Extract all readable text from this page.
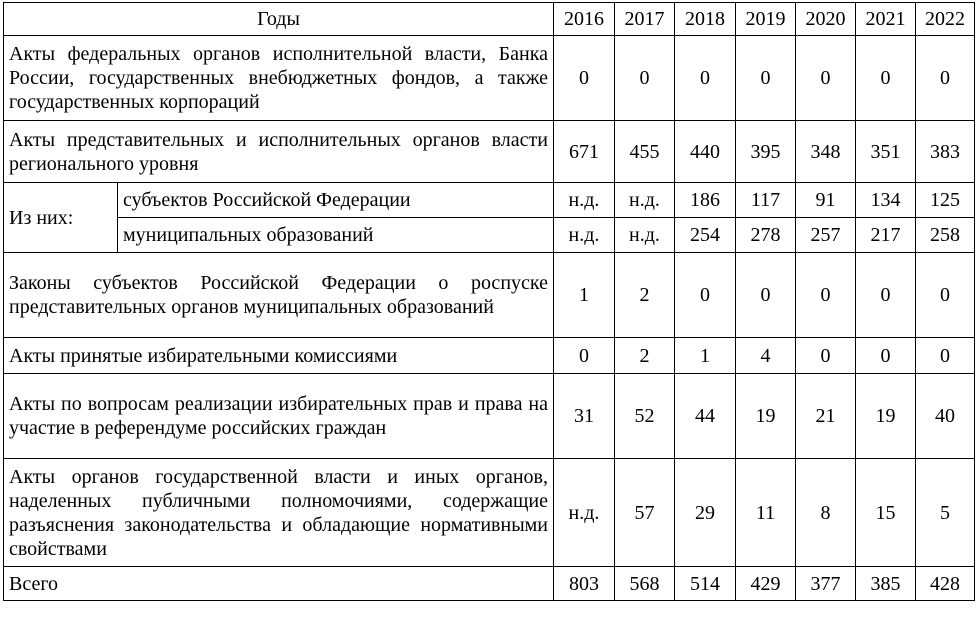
Годы		2016	2017	2018	2019	2020	2021	2022
Акты федеральных органов исполнительной власти, Банка России, государственных внебюджетных фондов, а также государственных корпораций		0	0	0	0	0	0	0
Акты представительных и исполнительных органов власти регионального уровня		671	455	440	395	348	351	383
Из них:	субъектов Российской Федерации	н.д.	н.д.	186	117	91	134	125
	муниципальных образований	н.д.	н.д.	254	278	257	217	258
Законы субъектов Российской Федерации о роспуске представительных органов муниципальных образований		1	2	0	0	0	0	0
Акты принятые избирательными комиссиями		0	2	1	4	0	0	0
Акты по вопросам реализации избирательных прав и права на участие в референдуме российских граждан		31	52	44	19	21	19	40
Акты органов государственной власти и иных органов, наделенных публичными полномочиями, содержащие разъяснения законодательства и обладающие нормативными свойствами		н.д.	57	29	11	8	15	5
Всего		803	568	514	429	377	385	428
